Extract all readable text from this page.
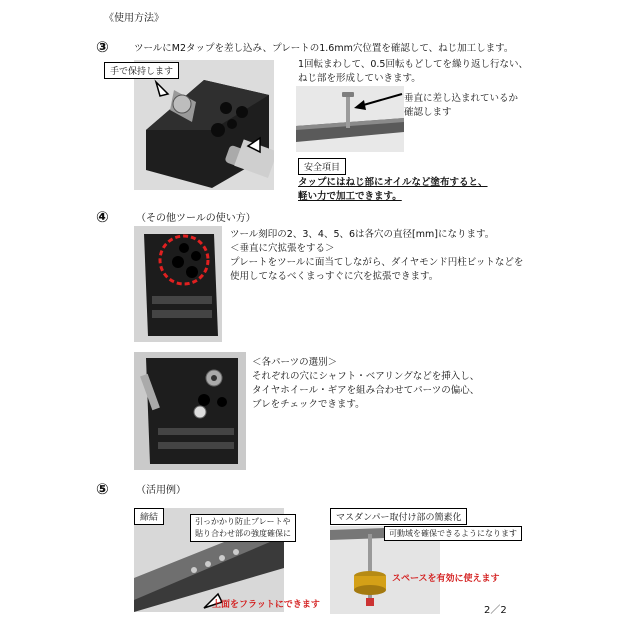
《使用方法》
③	ツールにM2タップを差し込み、プレートの1.6mm穴位置を確認して、ねじ加工します。
手で保持します
1回転まわして、0.5回転もどしてを繰り返し行ない、
ねじ部を形成していきます。
垂直に差し込まれているか
確認します
安全項目
タップにはねじ部にオイルなど塗布すると、
軽い力で加工できます。
④	（その他ツールの使い方）
ツール刻印の2、3、4、5、6は各穴の直径[mm]になります。
＜垂直に穴拡張をする＞
プレートをツールに面当てしながら、ダイヤモンド円柱ビットなどを
使用してなるべくまっすぐに穴を拡張できます。
＜各パーツの選別＞
それぞれの穴にシャフト・ベアリングなどを挿入し、
タイヤホイール・ギアを組み合わせてパーツの偏心、
ブレをチェックできます。
⑤	（活用例）
締結	引っかかり防止プレートや
貼り合わせ部の強度確保に
上面をフラットにできます
マスダンパー取付け部の簡素化
可動域を確保できるようになります
スペースを有効に使えます
2／2
